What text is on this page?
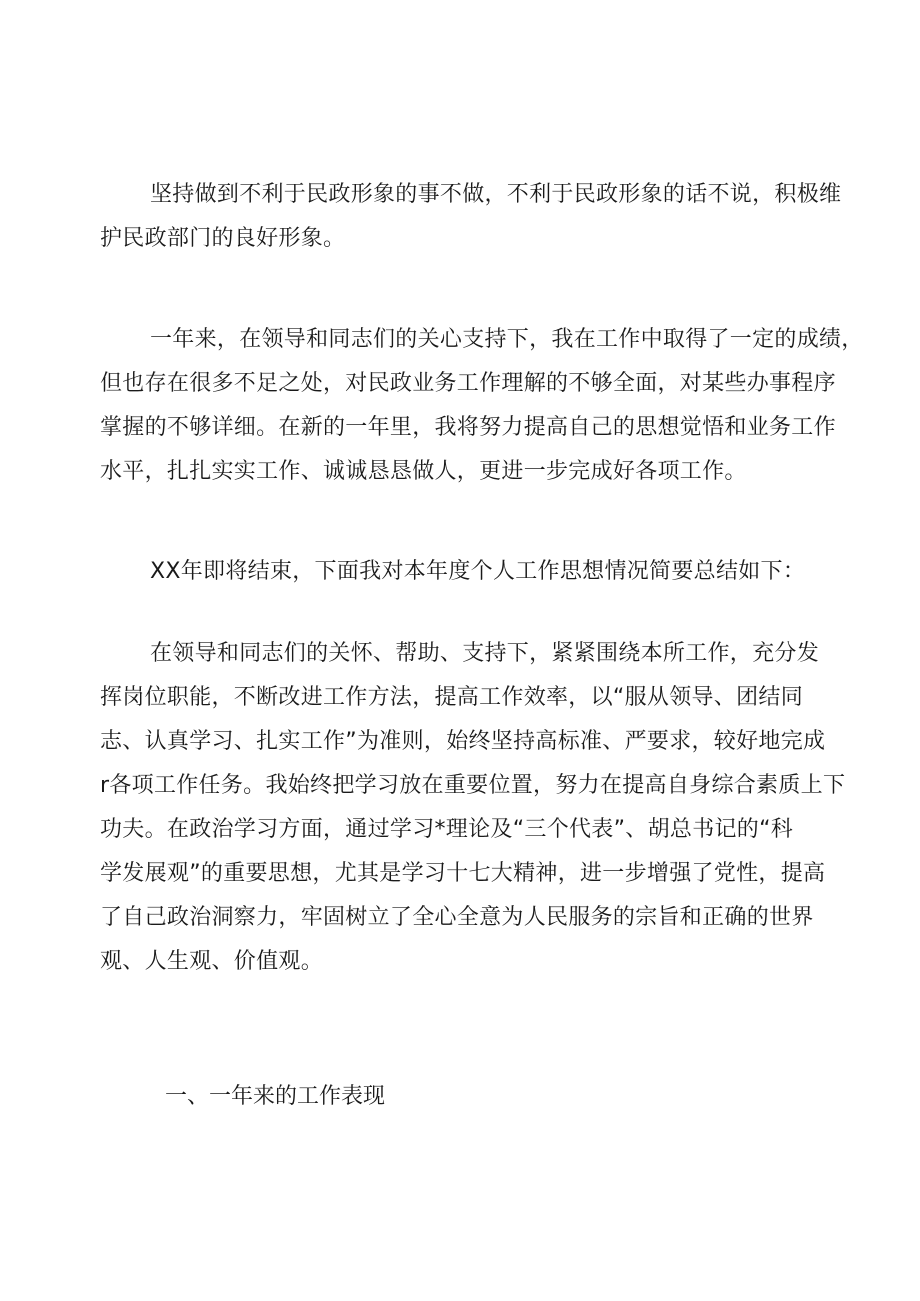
坚持做到不利于民政形象的事不做，不利于民政形象的话不说，积极维
护民政部门的良好形象。

一年来，在领导和同志们的关心支持下，我在工作中取得了一定的成绩，
但也存在很多不足之处，对民政业务工作理解的不够全面，对某些办事程序
掌握的不够详细。在新的一年里，我将努力提高自己的思想觉悟和业务工作
水平，扎扎实实工作、诚诚恳恳做人，更进一步完成好各项工作。

XX年即将结束，下面我对本年度个人工作思想情况简要总结如下：

在领导和同志们的关怀、帮助、支持下，紧紧围绕本所工作，充分发
挥岗位职能，不断改进工作方法，提高工作效率，以“服从领导、团结同
志、认真学习、扎实工作”为准则，始终坚持高标准、严要求，较好地完成
r各项工作任务。我始终把学习放在重要位置，努力在提高自身综合素质上下
功夫。在政治学习方面，通过学习*理论及“三个代表”、胡总书记的“科
学发展观”的重要思想，尤其是学习十七大精神，进一步增强了党性，提高
了自己政治洞察力，牢固树立了全心全意为人民服务的宗旨和正确的世界
观、人生观、价值观。

一、一年来的工作表现
